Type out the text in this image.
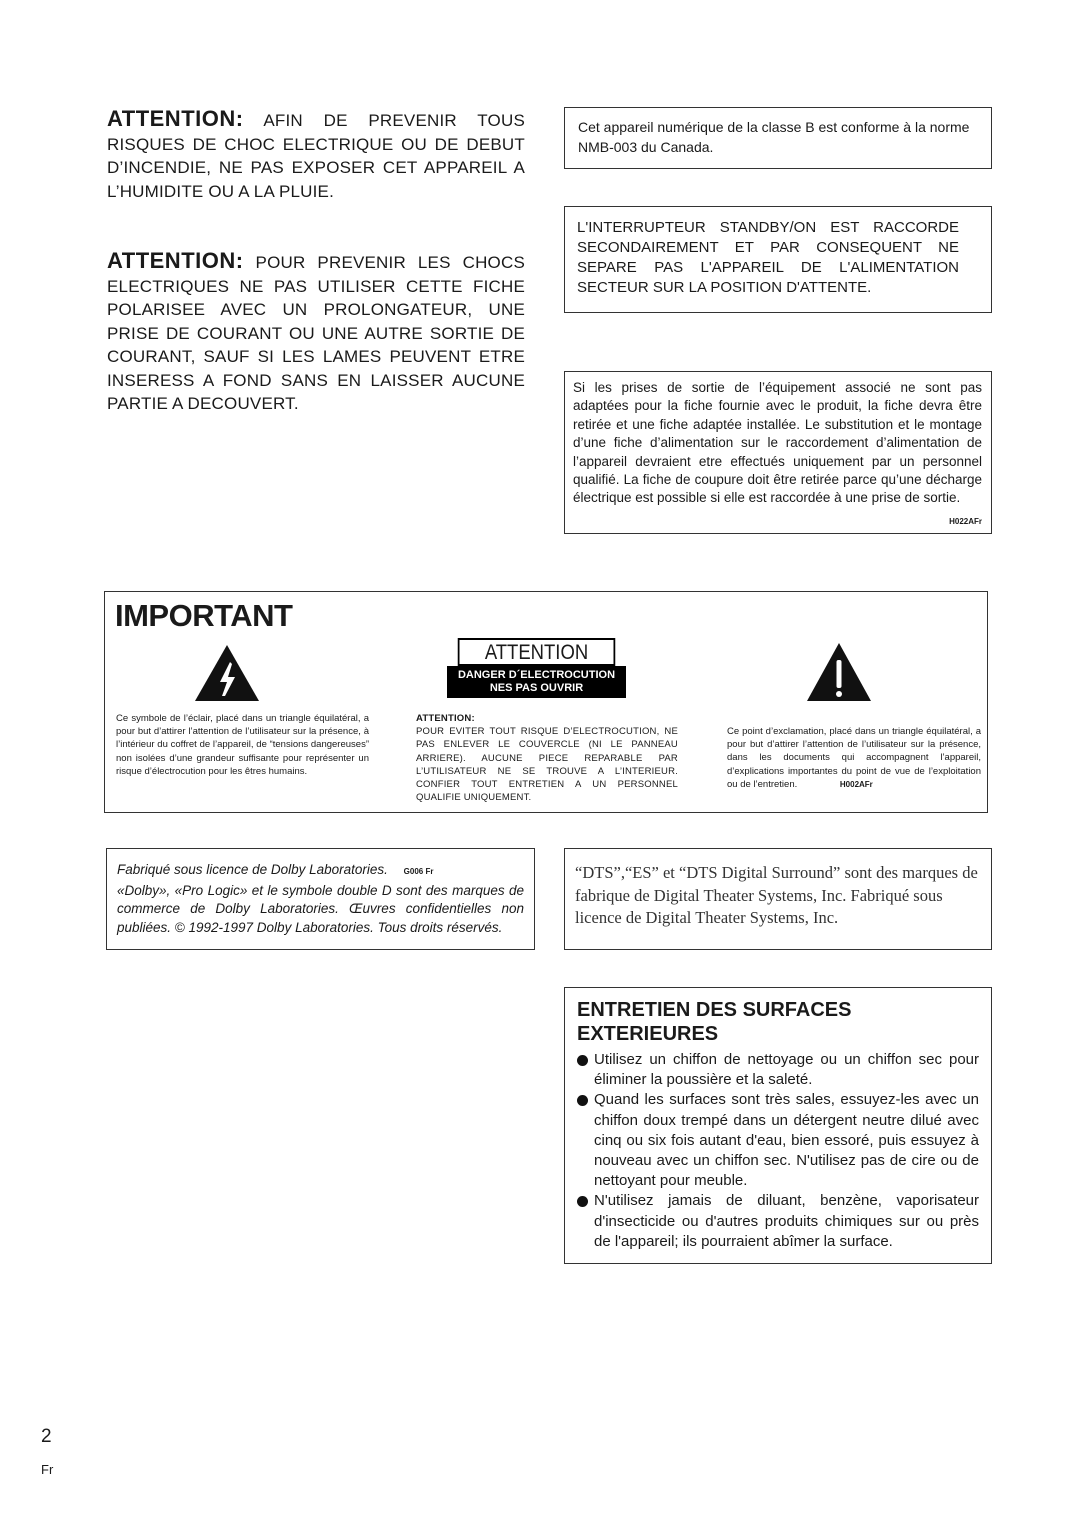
ATTENTION: AFIN DE PREVENIR TOUS RISQUES DE CHOC ELECTRIQUE OU DE DEBUT D’INCENDIE, NE PAS EXPOSER CET APPAREIL A L’HUMIDITE OU A LA PLUIE.
ATTENTION: POUR PREVENIR LES CHOCS ELECTRIQUES NE PAS UTILISER CETTE FICHE POLARISEE AVEC UN PROLONGATEUR, UNE PRISE DE COURANT OU UNE AUTRE SORTIE DE COURANT, SAUF SI LES LAMES PEUVENT ETRE INSERESS A FOND SANS EN LAISSER AUCUNE PARTIE A DECOUVERT.
Cet appareil numérique de la classe B est conforme à la norme NMB-003 du Canada.
L'INTERRUPTEUR STANDBY/ON EST RACCORDE SECONDAIREMENT ET PAR CONSEQUENT NE SEPARE PAS L'APPAREIL DE L'ALIMENTATION SECTEUR SUR LA POSITION D'ATTENTE.
Si les prises de sortie de l’équipement associé ne sont pas adaptées pour la fiche fournie avec le produit, la fiche devra être retirée et une fiche adaptée installée. Le substitution et le montage d’une fiche d’alimentation sur le raccordement d’alimentation de l’appareil devraient etre effectués uniquement par un personnel qualifié. La fiche de coupure doit être retirée parce qu’une décharge électrique est possible si elle est raccordée à une prise de sortie.
H022AFr
IMPORTANT
ATTENTION
DANGER D´ELECTROCUTION
NES PAS OUVRIR
Ce symbole de l’éclair, placé dans un triangle équilatéral, a pour but d’attirer l’attention de l’utilisateur sur la présence, à l’intérieur du coffret de l’appareil, de “tensions dangereuses” non isolées d’une grandeur suffisante pour représenter un risque d’électrocution pour les êtres humains.
ATTENTION:
POUR EVITER TOUT RISQUE D’ELECTROCUTION, NE PAS ENLEVER LE COUVERCLE (NI LE PANNEAU ARRIERE). AUCUNE PIECE REPARABLE PAR L’UTILISATEUR NE SE TROUVE A L’INTERIEUR. CONFIER TOUT ENTRETIEN A UN PERSONNEL QUALIFIE UNIQUEMENT.
Ce point d’exclamation, placé dans un triangle équilatéral, a pour but d’attirer l’attention de l’utilisateur sur la présence, dans les documents qui accompagnent l’appareil, d’explications importantes du point de vue de l’exploitation ou de l’entretien.	H002AFr
Fabriqué sous licence de Dolby Laboratories. G006 Fr
«Dolby», «Pro Logic» et le symbole double D sont des marques de commerce de Dolby Laboratories. Œuvres confidentielles non publiées. © 1992-1997 Dolby Laboratories. Tous droits réservés.
“DTS”,“ES” et “DTS Digital Surround” sont des marques de fabrique de Digital Theater Systems, Inc. Fabriqué sous licence de Digital Theater Systems, Inc.
ENTRETIEN DES SURFACES
EXTERIEURES
Utilisez un chiffon de nettoyage ou un chiffon sec pour éliminer la poussière et la saleté.
Quand les surfaces sont très sales, essuyez-les avec un chiffon doux trempé dans un détergent neutre dilué avec cinq ou six fois autant d'eau, bien essoré, puis essuyez à nouveau avec un chiffon sec. N'utilisez pas de cire ou de nettoyant pour meuble.
N'utilisez jamais de diluant, benzène, vaporisateur d'insecticide ou d'autres produits chimiques sur ou près de l'appareil; ils pourraient abîmer la surface.
2
Fr
